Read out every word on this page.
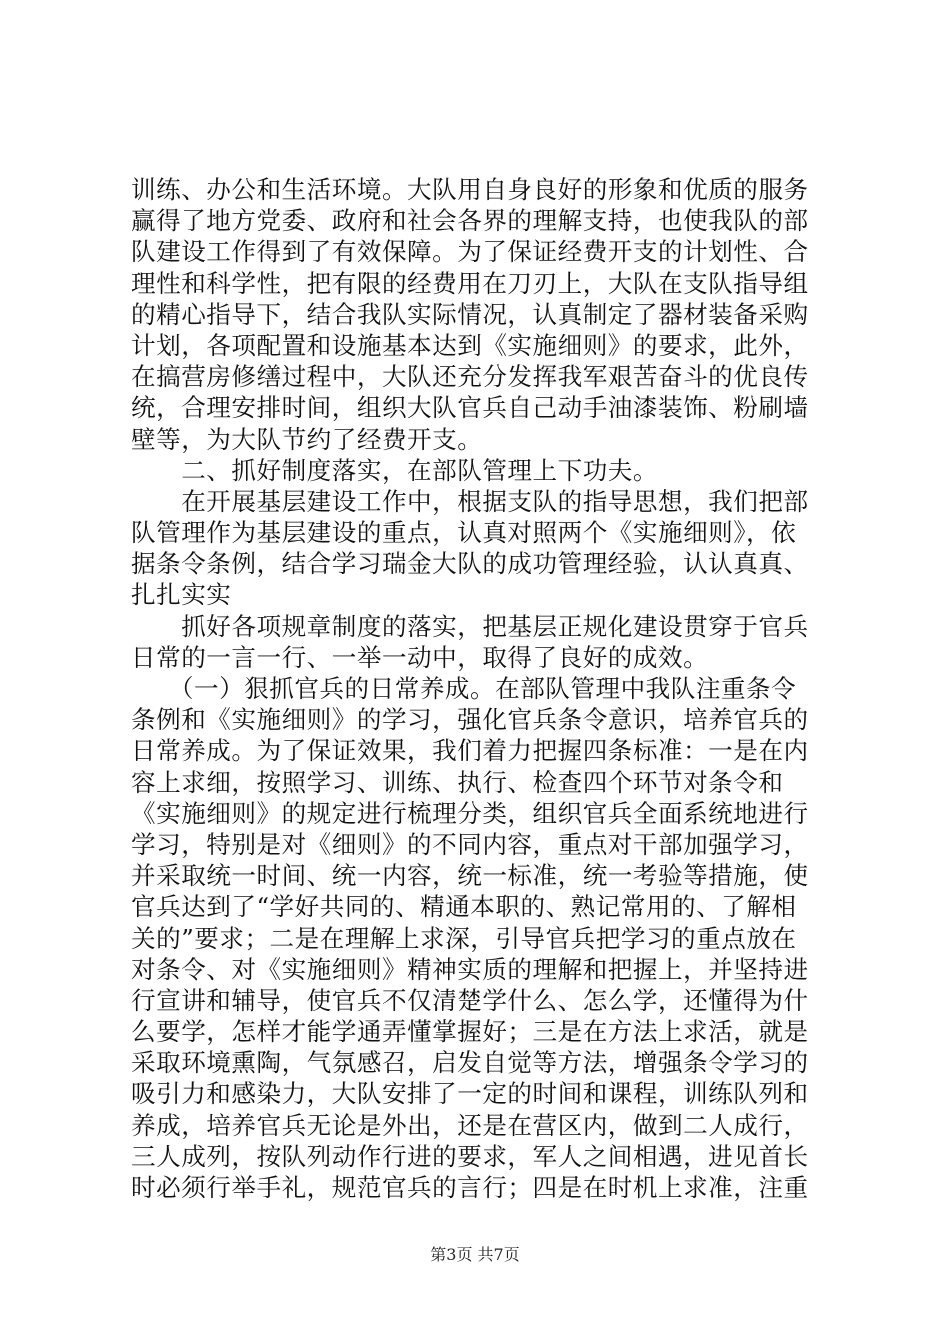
训练、办公和生活环境。大队用自身良好的形象和优质的服务
赢得了地方党委、政府和社会各界的理解支持，也使我队的部
队建设工作得到了有效保障。为了保证经费开支的计划性、合
理性和科学性，把有限的经费用在刀刃上，大队在支队指导组
的精心指导下，结合我队实际情况，认真制定了器材装备采购
计划，各项配置和设施基本达到《实施细则》的要求，此外，
在搞营房修缮过程中，大队还充分发挥我军艰苦奋斗的优良传
统，合理安排时间，组织大队官兵自己动手油漆装饰、粉刷墙
壁等，为大队节约了经费开支。
　　二、抓好制度落实，在部队管理上下功夫。
　　在开展基层建设工作中，根据支队的指导思想，我们把部
队管理作为基层建设的重点，认真对照两个《实施细则》，依
据条令条例，结合学习瑞金大队的成功管理经验，认认真真、
扎扎实实
　　抓好各项规章制度的落实，把基层正规化建设贯穿于官兵
日常的一言一行、一举一动中，取得了良好的成效。
　　（一）狠抓官兵的日常养成。在部队管理中我队注重条令
条例和《实施细则》的学习，强化官兵条令意识，培养官兵的
日常养成。为了保证效果，我们着力把握四条标准：一是在内
容上求细，按照学习、训练、执行、检查四个环节对条令和
《实施细则》的规定进行梳理分类，组织官兵全面系统地进行
学习，特别是对《细则》的不同内容，重点对干部加强学习，
并采取统一时间、统一内容，统一标准，统一考验等措施，使
官兵达到了“学好共同的、精通本职的、熟记常用的、了解相
关的”要求；二是在理解上求深，引导官兵把学习的重点放在
对条令、对《实施细则》精神实质的理解和把握上，并坚持进
行宣讲和辅导，使官兵不仅清楚学什么、怎么学，还懂得为什
么要学，怎样才能学通弄懂掌握好；三是在方法上求活，就是
采取环境熏陶，气氛感召，启发自觉等方法，增强条令学习的
吸引力和感染力，大队安排了一定的时间和课程，训练队列和
养成，培养官兵无论是外出，还是在营区内，做到二人成行，
三人成列，按队列动作行进的要求，军人之间相遇，进见首长
时必须行举手礼，规范官兵的言行；四是在时机上求准，注重
第3页 共7页
